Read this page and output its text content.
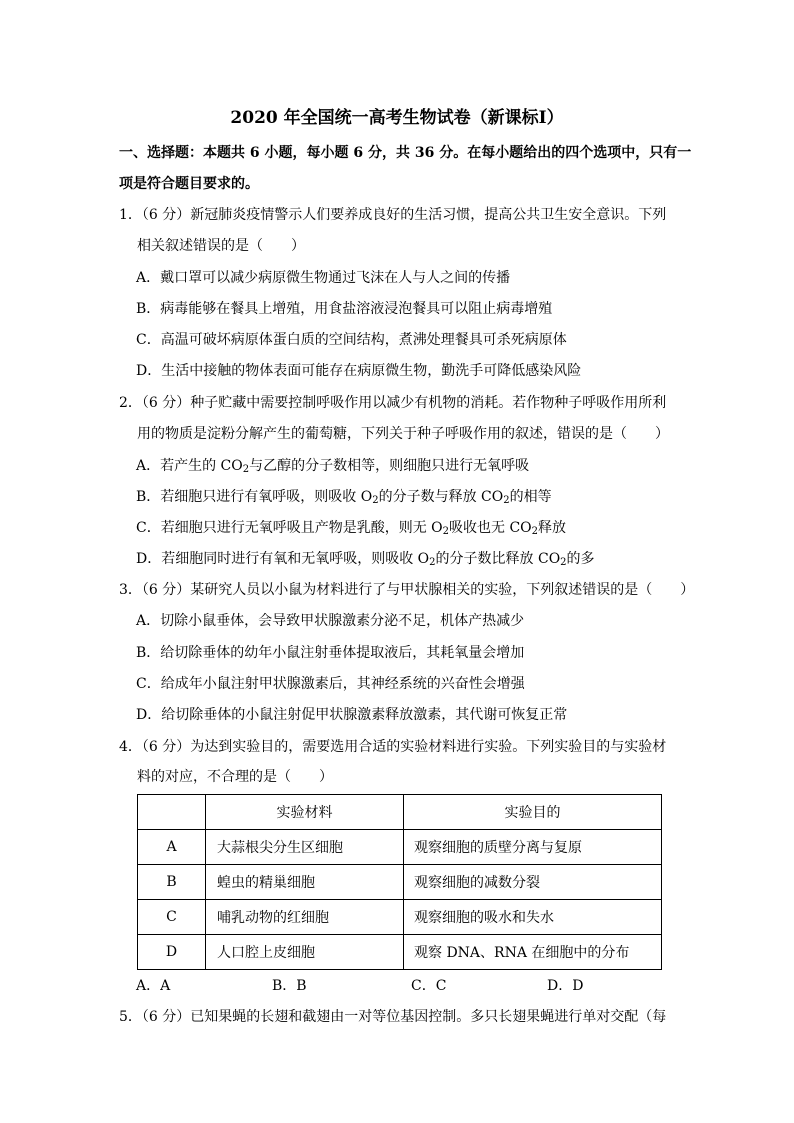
2020 年全国统一高考生物试卷（新课标Ⅰ）
一、选择题：本题共 6 小题，每小题 6 分，共 36 分。在每小题给出的四个选项中，只有一
项是符合题目要求的。
1．（6 分）新冠肺炎疫情警示人们要养成良好的生活习惯，提高公共卫生安全意识。下列
相关叙述错误的是（　　）
A．戴口罩可以减少病原微生物通过飞沫在人与人之间的传播
B．病毒能够在餐具上增殖，用食盐溶液浸泡餐具可以阻止病毒增殖
C．高温可破坏病原体蛋白质的空间结构，煮沸处理餐具可杀死病原体
D．生活中接触的物体表面可能存在病原微生物，勤洗手可降低感染风险
2．（6 分）种子贮藏中需要控制呼吸作用以减少有机物的消耗。若作物种子呼吸作用所利
用的物质是淀粉分解产生的葡萄糖，下列关于种子呼吸作用的叙述，错误的是（　　）
A．若产生的 $CO_2$与乙醇的分子数相等，则细胞只进行无氧呼吸
B．若细胞只进行有氧呼吸，则吸收 $O_2$的分子数与释放 $CO_2$的相等
C．若细胞只进行无氧呼吸且产物是乳酸，则无 $O_2$吸收也无 $CO_2$释放
D．若细胞同时进行有氧和无氧呼吸，则吸收 $O_2$的分子数比释放 $CO_2$的多
3．（6 分）某研究人员以小鼠为材料进行了与甲状腺相关的实验，下列叙述错误的是（　　）
A．切除小鼠垂体，会导致甲状腺激素分泌不足，机体产热减少
B．给切除垂体的幼年小鼠注射垂体提取液后，其耗氧量会增加
C．给成年小鼠注射甲状腺激素后，其神经系统的兴奋性会增强
D．给切除垂体的小鼠注射促甲状腺激素释放激素，其代谢可恢复正常
4．（6 分）为达到实验目的，需要选用合适的实验材料进行实验。下列实验目的与实验材
料的对应，不合理的是（　　）
	实验材料	实验目的
A	大蒜根尖分生区细胞	观察细胞的质壁分离与复原
B	蝗虫的精巢细胞	观察细胞的减数分裂
C	哺乳动物的红细胞	观察细胞的吸水和失水
D	人口腔上皮细胞	观察 DNA、RNA 在细胞中的分布
A．A	B．B	C．C	D．D
5．（6 分）已知果蝇的长翅和截翅由一对等位基因控制。多只长翅果蝇进行单对交配（每
